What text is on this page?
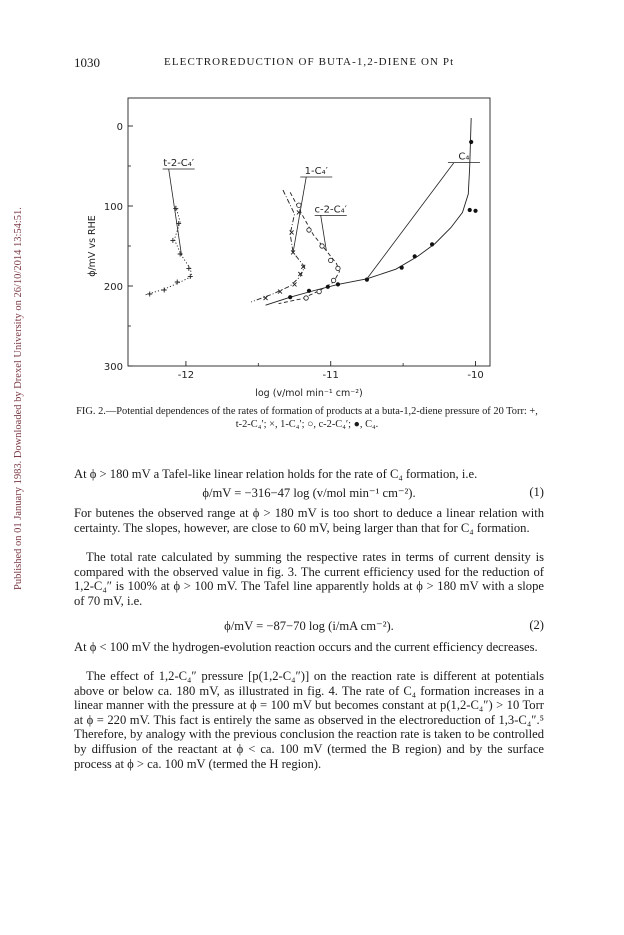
Published on 01 January 1983. Downloaded by Drexel University on 26/10/2014 13:54:51.
1030	ELECTROREDUCTION OF BUTA-1,2-DIENE ON Pt
0
100
200
300
-12	-11	-10
log (v/mol min⁻¹ cm⁻²)
ϕ/mV vs RHE
t-2-C₄′
1-C₄′
c-2-C₄′
C₄
FIG. 2.—Potential dependences of the rates of formation of products at a buta-1,2-diene pressure of 20 Torr: +, t-2-C₄′; ×, 1-C₄′; ○, c-2-C₄′; ●, C₄.
At ϕ > 180 mV a Tafel-like linear relation holds for the rate of C₄ formation, i.e.
ϕ/mV = −316−47 log (v/mol min⁻¹ cm⁻²).	(1)
For butenes the observed range at ϕ > 180 mV is too short to deduce a linear relation with certainty. The slopes, however, are close to 60 mV, being larger than that for C₄ formation.
The total rate calculated by summing the respective rates in terms of current density is compared with the observed value in fig. 3. The current efficiency used for the reduction of 1,2-C₄″ is 100% at ϕ > 100 mV. The Tafel line apparently holds at ϕ > 180 mV with a slope of 70 mV, i.e.
ϕ/mV = −87−70 log (i/mA cm⁻²).	(2)
At ϕ < 100 mV the hydrogen-evolution reaction occurs and the current efficiency decreases.
The effect of 1,2-C₄″ pressure [p(1,2-C₄″)] on the reaction rate is different at potentials above or below ca. 180 mV, as illustrated in fig. 4. The rate of C₄ formation increases in a linear manner with the pressure at ϕ = 100 mV but becomes constant at p(1,2-C₄″) > 10 Torr at ϕ = 220 mV. This fact is entirely the same as observed in the electroreduction of 1,3-C₄″.⁵ Therefore, by analogy with the previous conclusion the reaction rate is taken to be controlled by diffusion of the reactant at ϕ < ca. 100 mV (termed the B region) and by the surface process at ϕ > ca. 100 mV (termed the H region).
